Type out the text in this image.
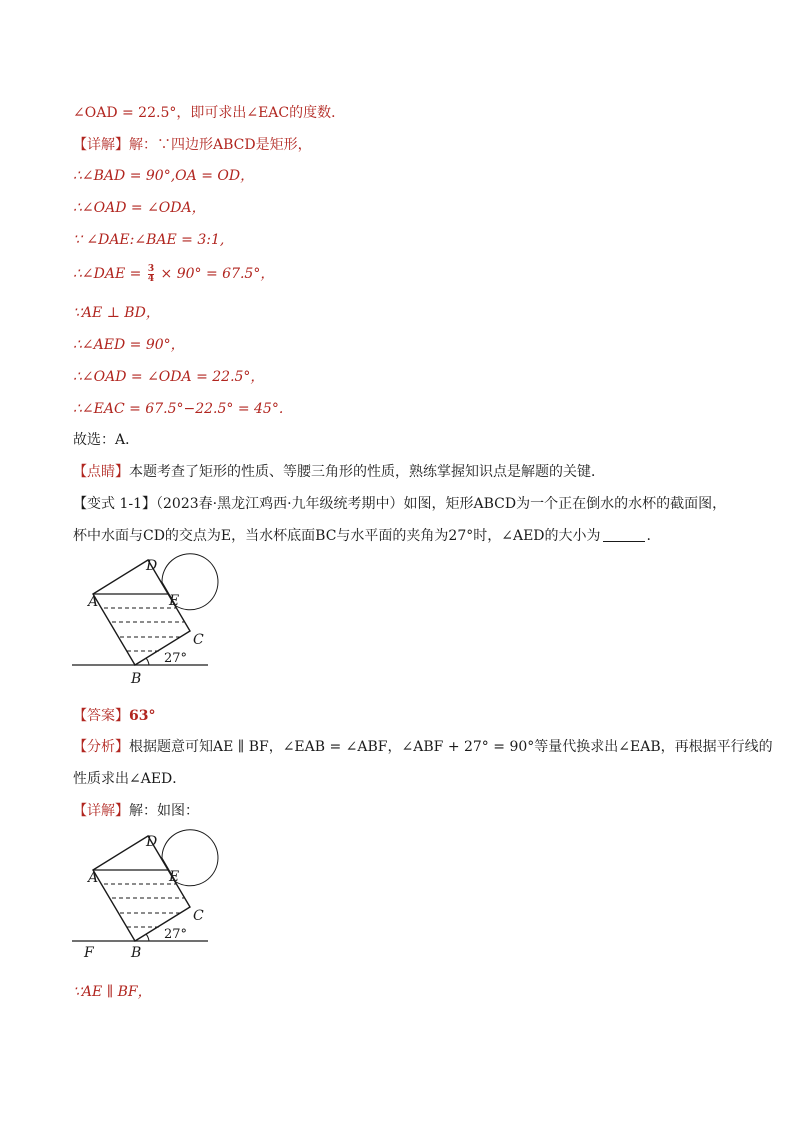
∠OAD = 22.5°，即可求出∠EAC的度数．
【详解】解：∵四边形ABCD是矩形，
∴∠BAD = 90°,OA = OD，
∴∠OAD = ∠ODA，
∵ ∠DAE:∠BAE = 3:1,
∴∠DAE = $\frac{3}{4} \times 90^\circ = 67.5^\circ$，
∵AE ⊥ BD，
∴∠AED = 90°，
∴∠OAD = ∠ODA = 22.5°，
∴∠EAC = 67.5°−22.5° = 45°.
故选：A．
【点睛】本题考查了矩形的性质、等腰三角形的性质，熟练掌握知识点是解题的关键．
【变式 1-1】（2023春·黑龙江鸡西·九年级统考期中）如图，矩形ABCD为一个正在倒水的水杯的截面图，
杯中水面与CD的交点为E，当水杯底面BC与水平面的夹角为27°时，∠AED的大小为	.
A
B
C
D
E
27°
【答案】63°
【分析】根据题意可知AE ∥ BF，∠EAB = ∠ABF，∠ABF + 27° = 90°等量代换求出∠EAB，再根据平行线的
性质求出∠AED．
【详解】解：如图：
A
B
C
D
E
F
27°
∵AE ∥ BF，
